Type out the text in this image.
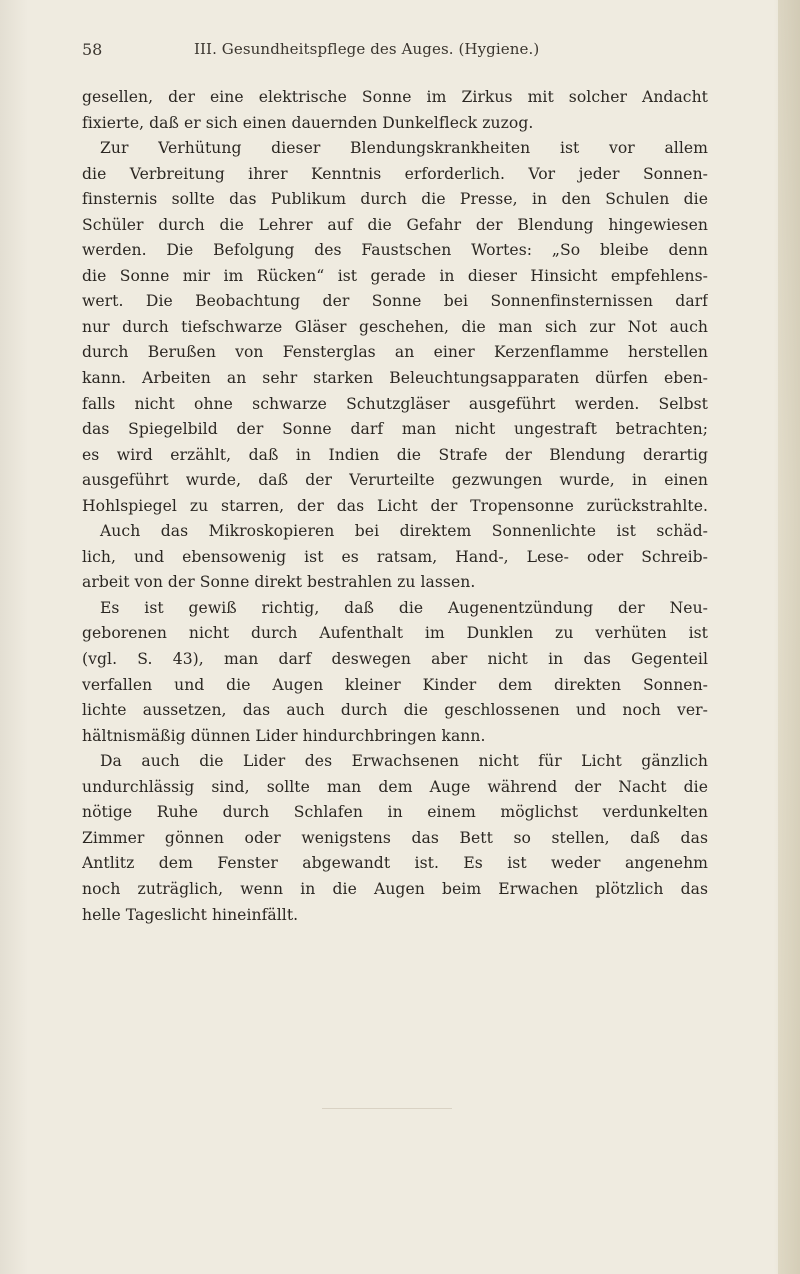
58	III. Gesundheitspflege des Auges. (Hygiene.)
gesellen, der eine elektrische Sonne im Zirkus mit solcher Andacht
fixierte, daß er sich einen dauernden Dunkelfleck zuzog.
Zur Verhütung dieser Blendungskrankheiten ist vor allem
die Verbreitung ihrer Kenntnis erforderlich. Vor jeder Sonnen-
finsternis sollte das Publikum durch die Presse, in den Schulen die
Schüler durch die Lehrer auf die Gefahr der Blendung hingewiesen
werden. Die Befolgung des Faustschen Wortes: „So bleibe denn
die Sonne mir im Rücken“ ist gerade in dieser Hinsicht empfehlens-
wert. Die Beobachtung der Sonne bei Sonnenfinsternissen darf
nur durch tiefschwarze Gläser geschehen, die man sich zur Not auch
durch Berußen von Fensterglas an einer Kerzenflamme herstellen
kann. Arbeiten an sehr starken Beleuchtungsapparaten dürfen eben-
falls nicht ohne schwarze Schutzgläser ausgeführt werden. Selbst
das Spiegelbild der Sonne darf man nicht ungestraft betrachten;
es wird erzählt, daß in Indien die Strafe der Blendung derartig
ausgeführt wurde, daß der Verurteilte gezwungen wurde, in einen
Hohlspiegel zu starren, der das Licht der Tropensonne zurückstrahlte.
Auch das Mikroskopieren bei direktem Sonnenlichte ist schäd-
lich, und ebensowenig ist es ratsam, Hand-, Lese- oder Schreib-
arbeit von der Sonne direkt bestrahlen zu lassen.
Es ist gewiß richtig, daß die Augenentzündung der Neu-
geborenen nicht durch Aufenthalt im Dunklen zu verhüten ist
(vgl. S. 43), man darf deswegen aber nicht in das Gegenteil
verfallen und die Augen kleiner Kinder dem direkten Sonnen-
lichte aussetzen, das auch durch die geschlossenen und noch ver-
hältnismäßig dünnen Lider hindurchbringen kann.
Da auch die Lider des Erwachsenen nicht für Licht gänzlich
undurchlässig sind, sollte man dem Auge während der Nacht die
nötige Ruhe durch Schlafen in einem möglichst verdunkelten
Zimmer gönnen oder wenigstens das Bett so stellen, daß das
Antlitz dem Fenster abgewandt ist. Es ist weder angenehm
noch zuträglich, wenn in die Augen beim Erwachen plötzlich das
helle Tageslicht hineinfällt.
